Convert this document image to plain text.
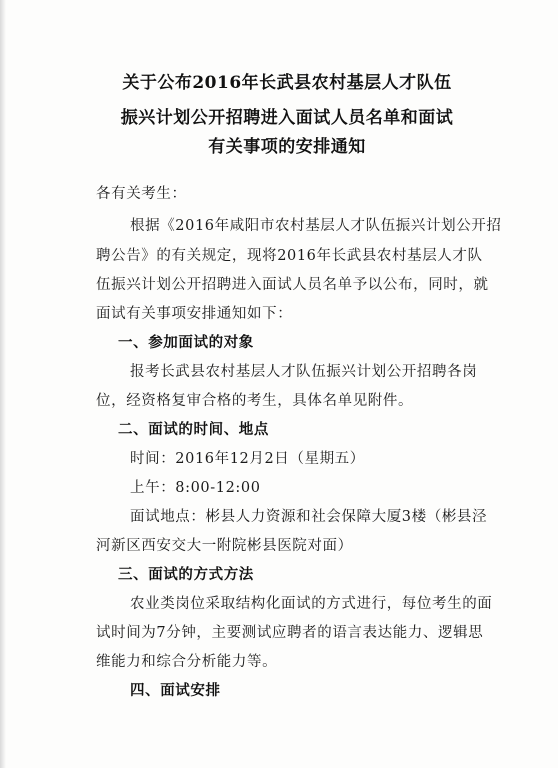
关于公布2016年长武县农村基层人才队伍
振兴计划公开招聘进入面试人员名单和面试
有关事项的安排通知
各有关考生：
根据《2016年咸阳市农村基层人才队伍振兴计划公开招
聘公告》的有关规定，现将2016年长武县农村基层人才队
伍振兴计划公开招聘进入面试人员名单予以公布，同时，就
面试有关事项安排通知如下：
一、参加面试的对象
报考长武县农村基层人才队伍振兴计划公开招聘各岗
位，经资格复审合格的考生，具体名单见附件。
二、面试的时间、地点
时间：2016年12月2日（星期五）
上午：8:00-12:00
面试地点：彬县人力资源和社会保障大厦3楼（彬县泾
河新区西安交大一附院彬县医院对面）
三、面试的方式方法
农业类岗位采取结构化面试的方式进行，每位考生的面
试时间为7分钟，主要测试应聘者的语言表达能力、逻辑思
维能力和综合分析能力等。
四、面试安排
